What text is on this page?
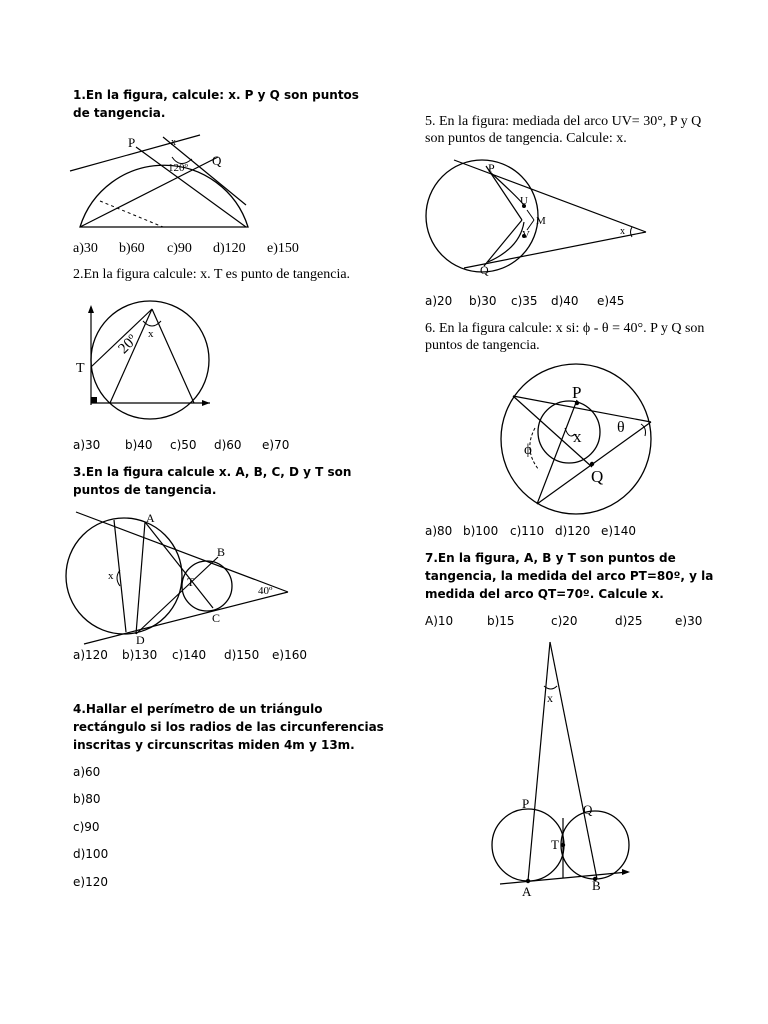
1.En la figura, calcule: x. P y Q son puntos de tangencia.
P
Q
120º
x
a)30	b)60	c)90	d)120	e)150
2.En la figura calcule: x. T es punto de tangencia.
T
20º x
a)30	b)40	c)50	d)60	e)70
3.En la figura calcule x. A, B, C, D y T son puntos de tangencia.
A
B
C
D
T
x
40º
a)120	b)130	c)140	d)150	e)160
4.Hallar el perímetro de un triángulo rectángulo si los radios de las circunferencias inscritas y circunscritas miden 4m y 13m.
a)60
b)80
c)90
d)100
e)120
5. En la figura: mediada del arco UV= 30°, P y Q son puntos de tangencia. Calcule: x.
P
Q
U
V
M
x
a)20	b)30	c)35	d)40	e)45
6. En la figura calcule: x si: ϕ - θ = 40°. P y Q son puntos de tangencia.
P
Q
x θ
ϕ
a)80 b)100 c)110 d)120 e)140
7.En la figura, A, B y T son puntos de tangencia, la medida del arco PT=80º, y la medida del arco QT=70º. Calcule x.
A)10	b)15	c)20	d)25	e)30
x
P	Q
T
A	B
